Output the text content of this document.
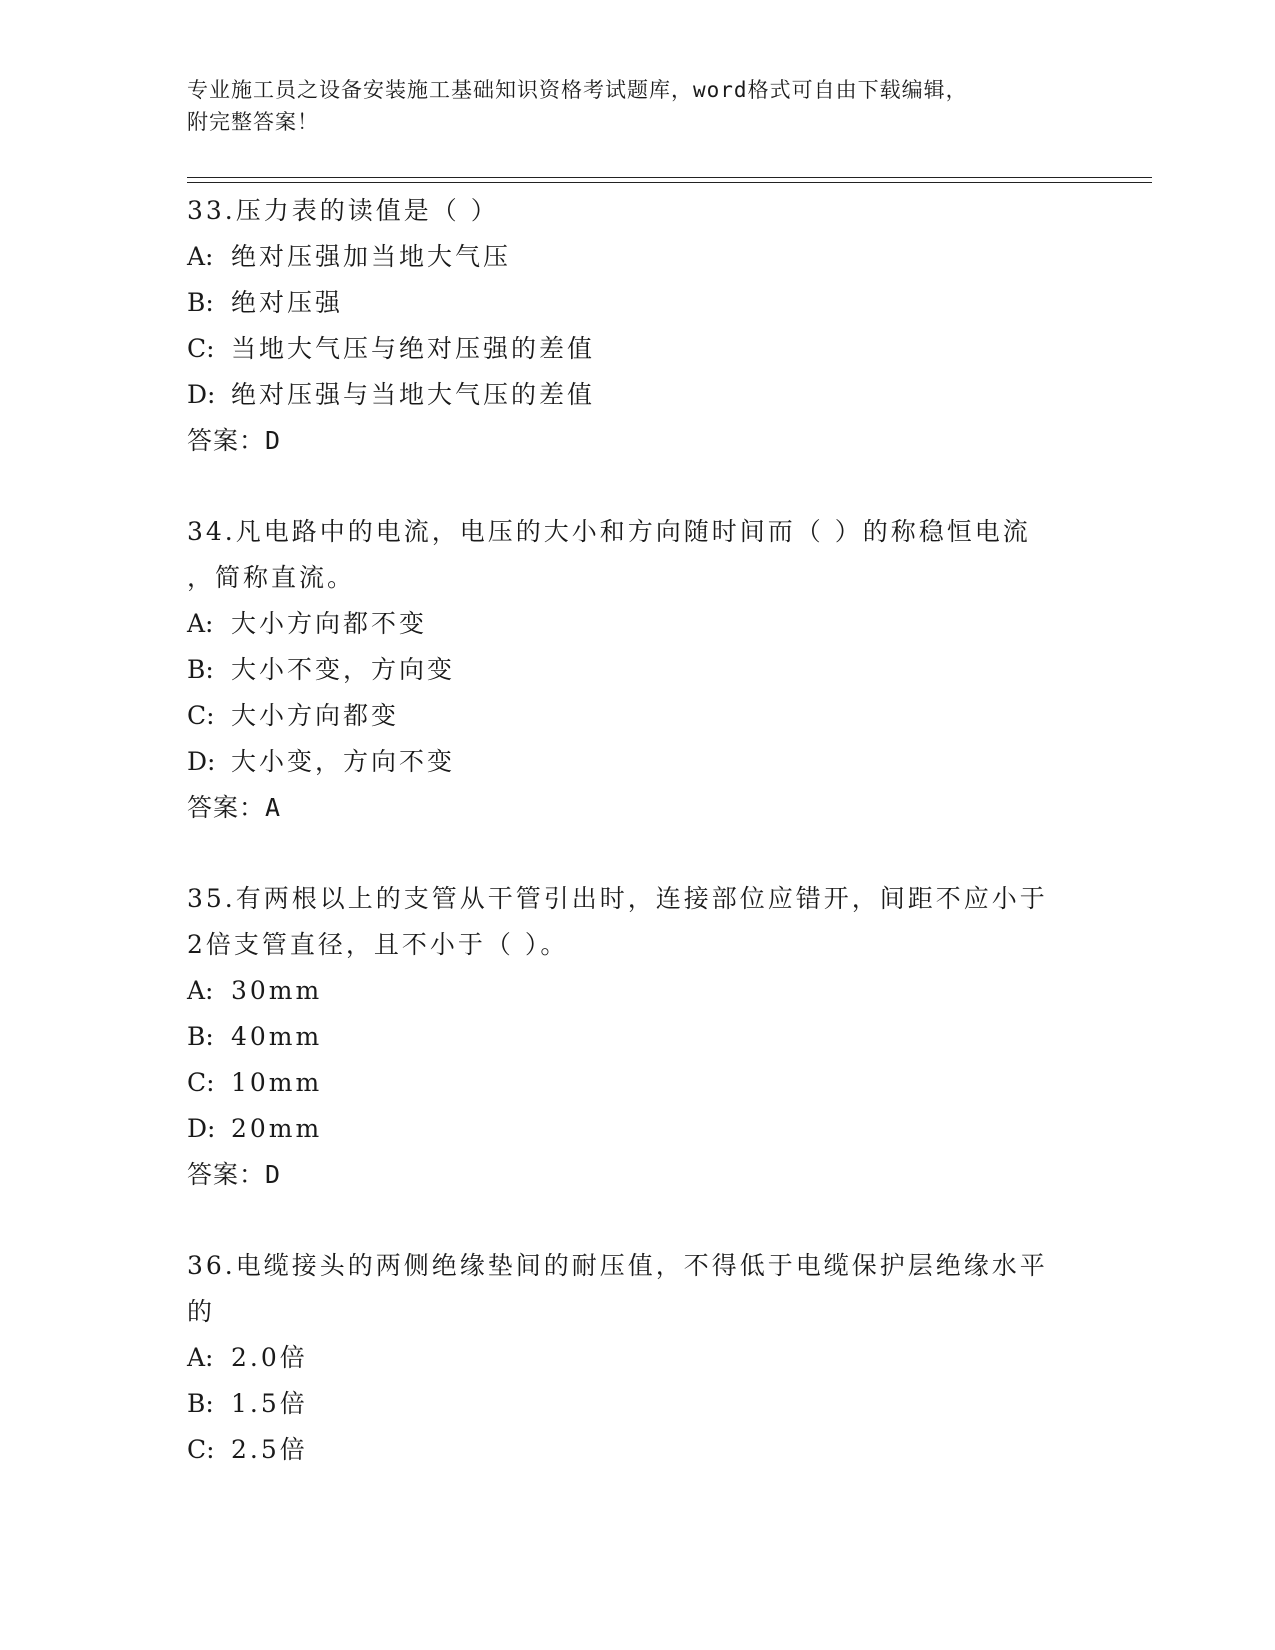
专业施工员之设备安装施工基础知识资格考试题库，word格式可自由下载编辑，
附完整答案！
33.压力表的读值是（ ）
A: 绝对压强加当地大气压
B: 绝对压强
C: 当地大气压与绝对压强的差值
D: 绝对压强与当地大气压的差值
答案：D
34.凡电路中的电流，电压的大小和方向随时间而（ ）的称稳恒电流
，简称直流。
A: 大小方向都不变
B: 大小不变，方向变
C: 大小方向都变
D: 大小变，方向不变
答案：A
35.有两根以上的支管从干管引出时，连接部位应错开，间距不应小于
2倍支管直径，且不小于（ ）。
A: 30mm
B: 40mm
C: 10mm
D: 20mm
答案：D
36.电缆接头的两侧绝缘垫间的耐压值，不得低于电缆保护层绝缘水平
的
A: 2.0倍
B: 1.5倍
C: 2.5倍
